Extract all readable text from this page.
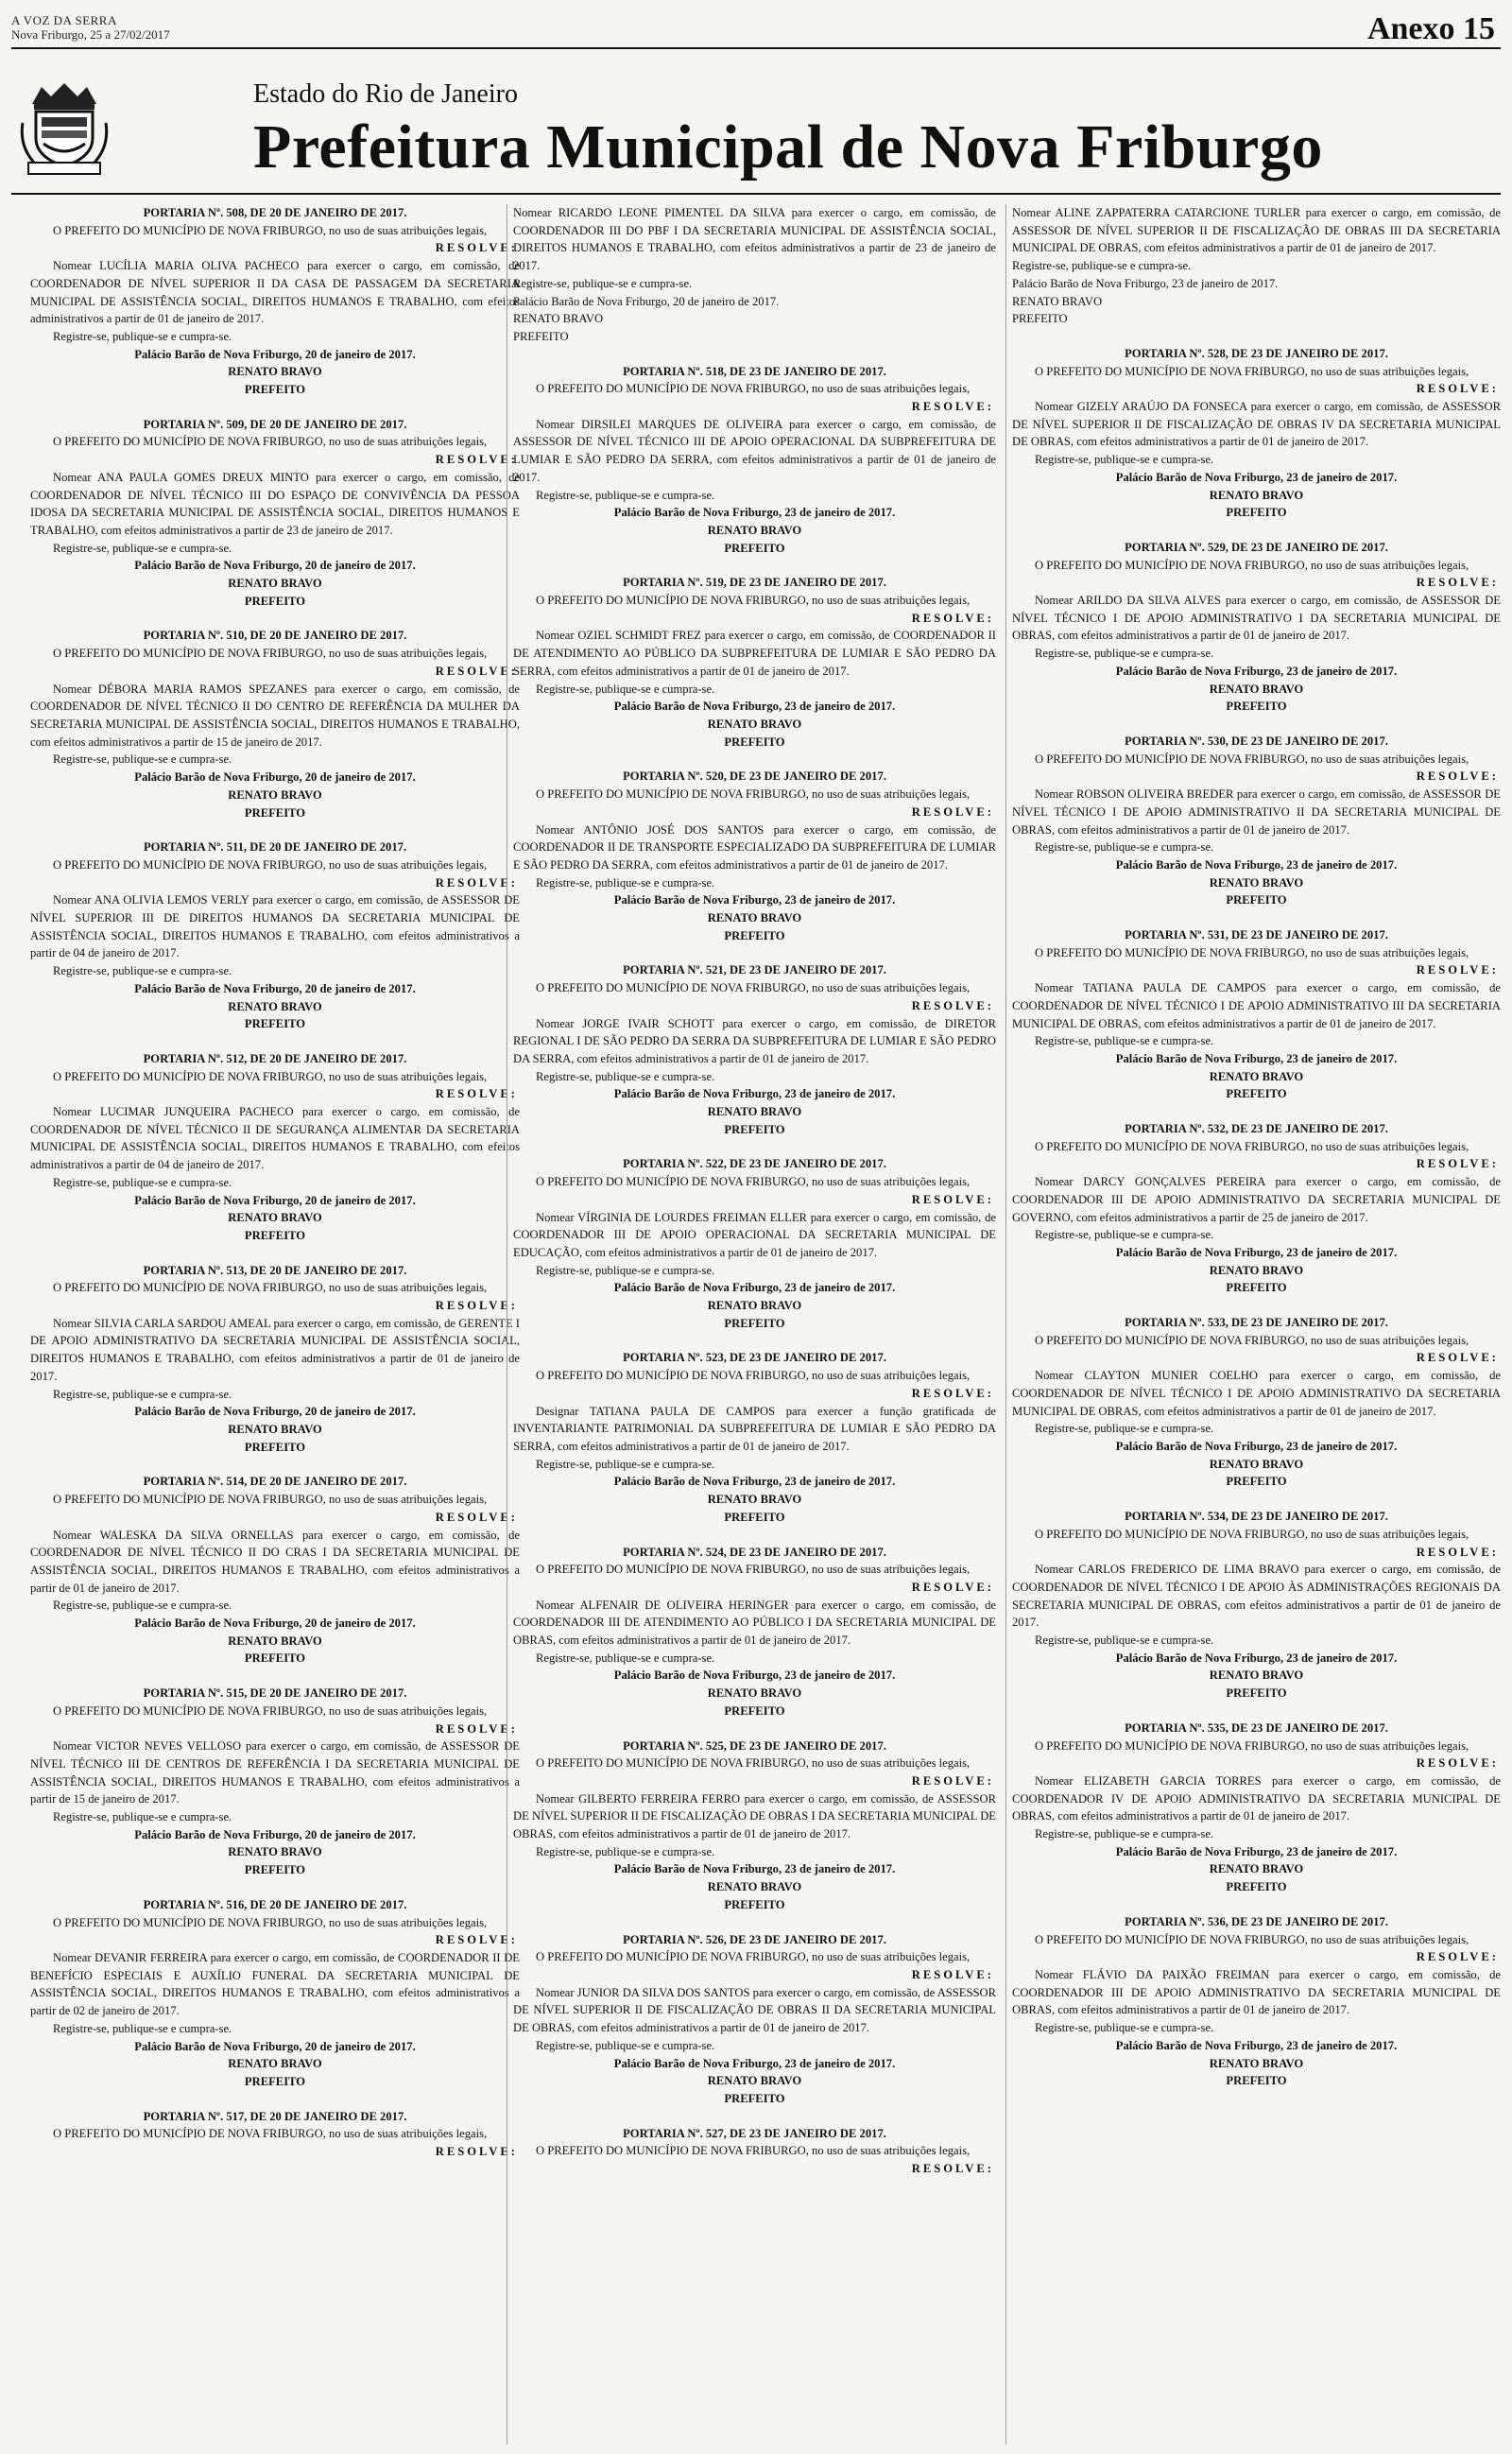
A VOZ DA SERRA
Nova Friburgo, 25 a 27/02/2017	Anexo 15
Estado do Rio de Janeiro
Prefeitura Municipal de Nova Friburgo
PORTARIA Nº. 508, DE 20 DE JANEIRO DE 2017.
O PREFEITO DO MUNICÍPIO DE NOVA FRIBURGO, no uso de suas atribuições legais,
RESOLVE:
Nomear LUCÍLIA MARIA OLIVA PACHECO para exercer o cargo, em comissão, de COORDENADOR DE NÍVEL SUPERIOR II DA CASA DE PASSAGEM DA SECRETARIA MUNICIPAL DE ASSISTÊNCIA SOCIAL, DIREITOS HUMANOS E TRABALHO, com efeitos administrativos a partir de 01 de janeiro de 2017.
Registre-se, publique-se e cumpra-se.
Palácio Barão de Nova Friburgo, 20 de janeiro de 2017.
RENATO BRAVO
PREFEITO
PORTARIA Nº. 509, DE 20 DE JANEIRO DE 2017.
O PREFEITO DO MUNICÍPIO DE NOVA FRIBURGO, no uso de suas atribuições legais,
RESOLVE:
Nomear ANA PAULA GOMES DREUX MINTO para exercer o cargo, em comissão, de COORDENADOR DE NÍVEL TÉCNICO III DO ESPAÇO DE CONVIVÊNCIA DA PESSOA IDOSA DA SECRETARIA MUNICIPAL DE ASSISTÊNCIA SOCIAL, DIREITOS HUMANOS E TRABALHO, com efeitos administrativos a partir de 23 de janeiro de 2017.
Registre-se, publique-se e cumpra-se.
Palácio Barão de Nova Friburgo, 20 de janeiro de 2017.
RENATO BRAVO
PREFEITO
PORTARIA Nº. 510, DE 20 DE JANEIRO DE 2017.
O PREFEITO DO MUNICÍPIO DE NOVA FRIBURGO, no uso de suas atribuições legais,
RESOLVE:
Nomear DÉBORA MARIA RAMOS SPEZANES para exercer o cargo, em comissão, de COORDENADOR DE NÍVEL TÉCNICO II DO CENTRO DE REFERÊNCIA DA MULHER DA SECRETARIA MUNICIPAL DE ASSISTÊNCIA SOCIAL, DIREITOS HUMANOS E TRABALHO, com efeitos administrativos a partir de 15 de janeiro de 2017.
Registre-se, publique-se e cumpra-se.
Palácio Barão de Nova Friburgo, 20 de janeiro de 2017.
RENATO BRAVO
PREFEITO
PORTARIA Nº. 511, DE 20 DE JANEIRO DE 2017.
O PREFEITO DO MUNICÍPIO DE NOVA FRIBURGO, no uso de suas atribuições legais,
RESOLVE:
Nomear ANA OLIVIA LEMOS VERLY para exercer o cargo, em comissão, de ASSESSOR DE NÍVEL SUPERIOR III DE DIREITOS HUMANOS DA SECRETARIA MUNICIPAL DE ASSISTÊNCIA SOCIAL, DIREITOS HUMANOS E TRABALHO, com efeitos administrativos a partir de 04 de janeiro de 2017.
Registre-se, publique-se e cumpra-se.
Palácio Barão de Nova Friburgo, 20 de janeiro de 2017.
RENATO BRAVO
PREFEITO
PORTARIA Nº. 512, DE 20 DE JANEIRO DE 2017.
O PREFEITO DO MUNICÍPIO DE NOVA FRIBURGO, no uso de suas atribuições legais,
RESOLVE:
Nomear LUCIMAR JUNQUEIRA PACHECO para exercer o cargo, em comissão, de COORDENADOR DE NÍVEL TÉCNICO II DE SEGURANÇA ALIMENTAR DA SECRETARIA MUNICIPAL DE ASSISTÊNCIA SOCIAL, DIREITOS HUMANOS E TRABALHO, com efeitos administrativos a partir de 04 de janeiro de 2017.
Registre-se, publique-se e cumpra-se.
Palácio Barão de Nova Friburgo, 20 de janeiro de 2017.
RENATO BRAVO
PREFEITO
PORTARIA Nº. 513, DE 20 DE JANEIRO DE 2017.
O PREFEITO DO MUNICÍPIO DE NOVA FRIBURGO, no uso de suas atribuições legais,
RESOLVE:
Nomear SILVIA CARLA SARDOU AMEAL para exercer o cargo, em comissão, de GERENTE I DE APOIO ADMINISTRATIVO DA SECRETARIA MUNICIPAL DE ASSISTÊNCIA SOCIAL, DIREITOS HUMANOS E TRABALHO, com efeitos administrativos a partir de 01 de janeiro de 2017.
Registre-se, publique-se e cumpra-se.
Palácio Barão de Nova Friburgo, 20 de janeiro de 2017.
RENATO BRAVO
PREFEITO
PORTARIA Nº. 514, DE 20 DE JANEIRO DE 2017.
O PREFEITO DO MUNICÍPIO DE NOVA FRIBURGO, no uso de suas atribuições legais,
RESOLVE:
Nomear WALESKA DA SILVA ORNELLAS para exercer o cargo, em comissão, de COORDENADOR DE NÍVEL TÉCNICO II DO CRAS I DA SECRETARIA MUNICIPAL DE ASSISTÊNCIA SOCIAL, DIREITOS HUMANOS E TRABALHO, com efeitos administrativos a partir de 01 de janeiro de 2017.
Registre-se, publique-se e cumpra-se.
Palácio Barão de Nova Friburgo, 20 de janeiro de 2017.
RENATO BRAVO
PREFEITO
PORTARIA Nº. 515, DE 20 DE JANEIRO DE 2017.
O PREFEITO DO MUNICÍPIO DE NOVA FRIBURGO, no uso de suas atribuições legais,
RESOLVE:
Nomear VICTOR NEVES VELLOSO para exercer o cargo, em comissão, de ASSESSOR DE NÍVEL TÉCNICO III DE CENTROS DE REFERÊNCIA I DA SECRETARIA MUNICIPAL DE ASSISTÊNCIA SOCIAL, DIREITOS HUMANOS E TRABALHO, com efeitos administrativos a partir de 15 de janeiro de 2017.
Registre-se, publique-se e cumpra-se.
Palácio Barão de Nova Friburgo, 20 de janeiro de 2017.
RENATO BRAVO
PREFEITO
PORTARIA Nº. 516, DE 20 DE JANEIRO DE 2017.
O PREFEITO DO MUNICÍPIO DE NOVA FRIBURGO, no uso de suas atribuições legais,
RESOLVE:
Nomear DEVANIR FERREIRA para exercer o cargo, em comissão, de COORDENADOR II DE BENEFÍCIO ESPECIAIS E AUXÍLIO FUNERAL DA SECRETARIA MUNICIPAL DE ASSISTÊNCIA SOCIAL, DIREITOS HUMANOS E TRABALHO, com efeitos administrativos a partir de 02 de janeiro de 2017.
Registre-se, publique-se e cumpra-se.
Palácio Barão de Nova Friburgo, 20 de janeiro de 2017.
RENATO BRAVO
PREFEITO
PORTARIA Nº. 517, DE 20 DE JANEIRO DE 2017.
O PREFEITO DO MUNICÍPIO DE NOVA FRIBURGO, no uso de suas atribuições legais,
RESOLVE:
Nomear RICARDO LEONE PIMENTEL DA SILVA para exercer o cargo, em comissão, de COORDENADOR III DO PBF I DA SECRETARIA MUNICIPAL DE ASSISTÊNCIA SOCIAL, DIREITOS HUMANOS E TRABALHO, com efeitos administrativos a partir de 23 de janeiro de 2017.
Registre-se, publique-se e cumpra-se.
Palácio Barão de Nova Friburgo, 20 de janeiro de 2017.
RENATO BRAVO
PREFEITO
PORTARIA Nº. 518, DE 23 DE JANEIRO DE 2017.
O PREFEITO DO MUNICÍPIO DE NOVA FRIBURGO, no uso de suas atribuições legais,
RESOLVE:
Nomear DIRSILEI MARQUES DE OLIVEIRA para exercer o cargo, em comissão, de ASSESSOR DE NÍVEL TÉCNICO III DE APOIO OPERACIONAL DA SUBPREFEITURA DE LUMIAR E SÃO PEDRO DA SERRA, com efeitos administrativos a partir de 01 de janeiro de 2017.
Registre-se, publique-se e cumpra-se.
Palácio Barão de Nova Friburgo, 23 de janeiro de 2017.
RENATO BRAVO
PREFEITO
PORTARIA Nº. 519, DE 23 DE JANEIRO DE 2017.
O PREFEITO DO MUNICÍPIO DE NOVA FRIBURGO, no uso de suas atribuições legais,
RESOLVE:
Nomear OZIEL SCHMIDT FREZ para exercer o cargo, em comissão, de COORDENADOR II DE ATENDIMENTO AO PÚBLICO DA SUBPREFEITURA DE LUMIAR E SÃO PEDRO DA SERRA, com efeitos administrativos a partir de 01 de janeiro de 2017.
Registre-se, publique-se e cumpra-se.
Palácio Barão de Nova Friburgo, 23 de janeiro de 2017.
RENATO BRAVO
PREFEITO
PORTARIA Nº. 520, DE 23 DE JANEIRO DE 2017.
O PREFEITO DO MUNICÍPIO DE NOVA FRIBURGO, no uso de suas atribuições legais,
RESOLVE:
Nomear ANTÔNIO JOSÉ DOS SANTOS para exercer o cargo, em comissão, de COORDENADOR II DE TRANSPORTE ESPECIALIZADO DA SUBPREFEITURA DE LUMIAR E SÃO PEDRO DA SERRA, com efeitos administrativos a partir de 01 de janeiro de 2017.
Registre-se, publique-se e cumpra-se.
Palácio Barão de Nova Friburgo, 23 de janeiro de 2017.
RENATO BRAVO
PREFEITO
PORTARIA Nº. 521, DE 23 DE JANEIRO DE 2017.
O PREFEITO DO MUNICÍPIO DE NOVA FRIBURGO, no uso de suas atribuições legais,
RESOLVE:
Nomear JORGE IVAIR SCHOTT para exercer o cargo, em comissão, de DIRETOR REGIONAL I DE SÃO PEDRO DA SERRA DA SUBPREFEITURA DE LUMIAR E SÃO PEDRO DA SERRA, com efeitos administrativos a partir de 01 de janeiro de 2017.
Registre-se, publique-se e cumpra-se.
Palácio Barão de Nova Friburgo, 23 de janeiro de 2017.
RENATO BRAVO
PREFEITO
PORTARIA Nº. 522, DE 23 DE JANEIRO DE 2017.
O PREFEITO DO MUNICÍPIO DE NOVA FRIBURGO, no uso de suas atribuições legais,
RESOLVE:
Nomear VÍRGINIA DE LOURDES FREIMAN ELLER para exercer o cargo, em comissão, de COORDENADOR III DE APOIO OPERACIONAL DA SECRETARIA MUNICIPAL DE EDUCAÇÃO, com efeitos administrativos a partir de 01 de janeiro de 2017.
Registre-se, publique-se e cumpra-se.
Palácio Barão de Nova Friburgo, 23 de janeiro de 2017.
RENATO BRAVO
PREFEITO
PORTARIA Nº. 523, DE 23 DE JANEIRO DE 2017.
O PREFEITO DO MUNICÍPIO DE NOVA FRIBURGO, no uso de suas atribuições legais,
RESOLVE:
Designar TATIANA PAULA DE CAMPOS para exercer a função gratificada de INVENTARIANTE PATRIMONIAL DA SUBPREFEITURA DE LUMIAR E SÃO PEDRO DA SERRA, com efeitos administrativos a partir de 01 de janeiro de 2017.
Registre-se, publique-se e cumpra-se.
Palácio Barão de Nova Friburgo, 23 de janeiro de 2017.
RENATO BRAVO
PREFEITO
PORTARIA Nº. 524, DE 23 DE JANEIRO DE 2017.
O PREFEITO DO MUNICÍPIO DE NOVA FRIBURGO, no uso de suas atribuições legais,
RESOLVE:
Nomear ALFENAIR DE OLIVEIRA HERINGER para exercer o cargo, em comissão, de COORDENADOR III DE ATENDIMENTO AO PÚBLICO I DA SECRETARIA MUNICIPAL DE OBRAS, com efeitos administrativos a partir de 01 de janeiro de 2017.
Registre-se, publique-se e cumpra-se.
Palácio Barão de Nova Friburgo, 23 de janeiro de 2017.
RENATO BRAVO
PREFEITO
PORTARIA Nº. 525, DE 23 DE JANEIRO DE 2017.
O PREFEITO DO MUNICÍPIO DE NOVA FRIBURGO, no uso de suas atribuições legais,
RESOLVE:
Nomear GILBERTO FERREIRA FERRO para exercer o cargo, em comissão, de ASSESSOR DE NÍVEL SUPERIOR II DE FISCALIZAÇÃO DE OBRAS I DA SECRETARIA MUNICIPAL DE OBRAS, com efeitos administrativos a partir de 01 de janeiro de 2017.
Registre-se, publique-se e cumpra-se.
Palácio Barão de Nova Friburgo, 23 de janeiro de 2017.
RENATO BRAVO
PREFEITO
PORTARIA Nº. 526, DE 23 DE JANEIRO DE 2017.
O PREFEITO DO MUNICÍPIO DE NOVA FRIBURGO, no uso de suas atribuições legais,
RESOLVE:
Nomear JUNIOR DA SILVA DOS SANTOS para exercer o cargo, em comissão, de ASSESSOR DE NÍVEL SUPERIOR II DE FISCALIZAÇÃO DE OBRAS II DA SECRETARIA MUNICIPAL DE OBRAS, com efeitos administrativos a partir de 01 de janeiro de 2017.
Registre-se, publique-se e cumpra-se.
Palácio Barão de Nova Friburgo, 23 de janeiro de 2017.
RENATO BRAVO
PREFEITO
PORTARIA Nº. 527, DE 23 DE JANEIRO DE 2017.
O PREFEITO DO MUNICÍPIO DE NOVA FRIBURGO, no uso de suas atribuições legais,
RESOLVE:
Nomear ALINE ZAPPATERRA CATARCIONE TURLER para exercer o cargo, em comissão, de ASSESSOR DE NÍVEL SUPERIOR II DE FISCALIZAÇÃO DE OBRAS III DA SECRETARIA MUNICIPAL DE OBRAS, com efeitos administrativos a partir de 01 de janeiro de 2017.
Registre-se, publique-se e cumpra-se.
Palácio Barão de Nova Friburgo, 23 de janeiro de 2017.
RENATO BRAVO
PREFEITO
PORTARIA Nº. 528, DE 23 DE JANEIRO DE 2017.
O PREFEITO DO MUNICÍPIO DE NOVA FRIBURGO, no uso de suas atribuições legais,
RESOLVE:
Nomear GIZELY ARAÚJO DA FONSECA para exercer o cargo, em comissão, de ASSESSOR DE NÍVEL SUPERIOR II DE FISCALIZAÇÃO DE OBRAS IV DA SECRETARIA MUNICIPAL DE OBRAS, com efeitos administrativos a partir de 01 de janeiro de 2017.
Registre-se, publique-se e cumpra-se.
Palácio Barão de Nova Friburgo, 23 de janeiro de 2017.
RENATO BRAVO
PREFEITO
PORTARIA Nº. 529, DE 23 DE JANEIRO DE 2017.
O PREFEITO DO MUNICÍPIO DE NOVA FRIBURGO, no uso de suas atribuições legais,
RESOLVE:
Nomear ARILDO DA SILVA ALVES para exercer o cargo, em comissão, de ASSESSOR DE NÍVEL TÉCNICO I DE APOIO ADMINISTRATIVO I DA SECRETARIA MUNICIPAL DE OBRAS, com efeitos administrativos a partir de 01 de janeiro de 2017.
Registre-se, publique-se e cumpra-se.
Palácio Barão de Nova Friburgo, 23 de janeiro de 2017.
RENATO BRAVO
PREFEITO
PORTARIA Nº. 530, DE 23 DE JANEIRO DE 2017.
O PREFEITO DO MUNICÍPIO DE NOVA FRIBURGO, no uso de suas atribuições legais,
RESOLVE:
Nomear ROBSON OLIVEIRA BREDER para exercer o cargo, em comissão, de ASSESSOR DE NÍVEL TÉCNICO I DE APOIO ADMINISTRATIVO II DA SECRETARIA MUNICIPAL DE OBRAS, com efeitos administrativos a partir de 01 de janeiro de 2017.
Registre-se, publique-se e cumpra-se.
Palácio Barão de Nova Friburgo, 23 de janeiro de 2017.
RENATO BRAVO
PREFEITO
PORTARIA Nº. 531, DE 23 DE JANEIRO DE 2017.
O PREFEITO DO MUNICÍPIO DE NOVA FRIBURGO, no uso de suas atribuições legais,
RESOLVE:
Nomear TATIANA PAULA DE CAMPOS para exercer o cargo, em comissão, de COORDENADOR DE NÍVEL TÉCNICO I DE APOIO ADMINISTRATIVO III DA SECRETARIA MUNICIPAL DE OBRAS, com efeitos administrativos a partir de 01 de janeiro de 2017.
Registre-se, publique-se e cumpra-se.
Palácio Barão de Nova Friburgo, 23 de janeiro de 2017.
RENATO BRAVO
PREFEITO
PORTARIA Nº. 532, DE 23 DE JANEIRO DE 2017.
O PREFEITO DO MUNICÍPIO DE NOVA FRIBURGO, no uso de suas atribuições legais,
RESOLVE:
Nomear DARCY GONÇALVES PEREIRA para exercer o cargo, em comissão, de COORDENADOR III DE APOIO ADMINISTRATIVO DA SECRETARIA MUNICIPAL DE GOVERNO, com efeitos administrativos a partir de 25 de janeiro de 2017.
Registre-se, publique-se e cumpra-se.
Palácio Barão de Nova Friburgo, 23 de janeiro de 2017.
RENATO BRAVO
PREFEITO
PORTARIA Nº. 533, DE 23 DE JANEIRO DE 2017.
O PREFEITO DO MUNICÍPIO DE NOVA FRIBURGO, no uso de suas atribuições legais,
RESOLVE:
Nomear CLAYTON MUNIER COELHO para exercer o cargo, em comissão, de COORDENADOR DE NÍVEL TÉCNICO I DE APOIO ADMINISTRATIVO DA SECRETARIA MUNICIPAL DE OBRAS, com efeitos administrativos a partir de 01 de janeiro de 2017.
Registre-se, publique-se e cumpra-se.
Palácio Barão de Nova Friburgo, 23 de janeiro de 2017.
RENATO BRAVO
PREFEITO
PORTARIA Nº. 534, DE 23 DE JANEIRO DE 2017.
O PREFEITO DO MUNICÍPIO DE NOVA FRIBURGO, no uso de suas atribuições legais,
RESOLVE:
Nomear CARLOS FREDERICO DE LIMA BRAVO para exercer o cargo, em comissão, de COORDENADOR DE NÍVEL TÉCNICO I DE APOIO ÀS ADMINISTRAÇÕES REGIONAIS DA SECRETARIA MUNICIPAL DE OBRAS, com efeitos administrativos a partir de 01 de janeiro de 2017.
Registre-se, publique-se e cumpra-se.
Palácio Barão de Nova Friburgo, 23 de janeiro de 2017.
RENATO BRAVO
PREFEITO
PORTARIA Nº. 535, DE 23 DE JANEIRO DE 2017.
O PREFEITO DO MUNICÍPIO DE NOVA FRIBURGO, no uso de suas atribuições legais,
RESOLVE:
Nomear ELIZABETH GARCIA TORRES para exercer o cargo, em comissão, de COORDENADOR IV DE APOIO ADMINISTRATIVO DA SECRETARIA MUNICIPAL DE OBRAS, com efeitos administrativos a partir de 01 de janeiro de 2017.
Registre-se, publique-se e cumpra-se.
Palácio Barão de Nova Friburgo, 23 de janeiro de 2017.
RENATO BRAVO
PREFEITO
PORTARIA Nº. 536, DE 23 DE JANEIRO DE 2017.
O PREFEITO DO MUNICÍPIO DE NOVA FRIBURGO, no uso de suas atribuições legais,
RESOLVE:
Nomear FLÁVIO DA PAIXÃO FREIMAN para exercer o cargo, em comissão, de COORDENADOR III DE APOIO ADMINISTRATIVO DA SECRETARIA MUNICIPAL DE OBRAS, com efeitos administrativos a partir de 01 de janeiro de 2017.
Registre-se, publique-se e cumpra-se.
Palácio Barão de Nova Friburgo, 23 de janeiro de 2017.
RENATO BRAVO
PREFEITO
